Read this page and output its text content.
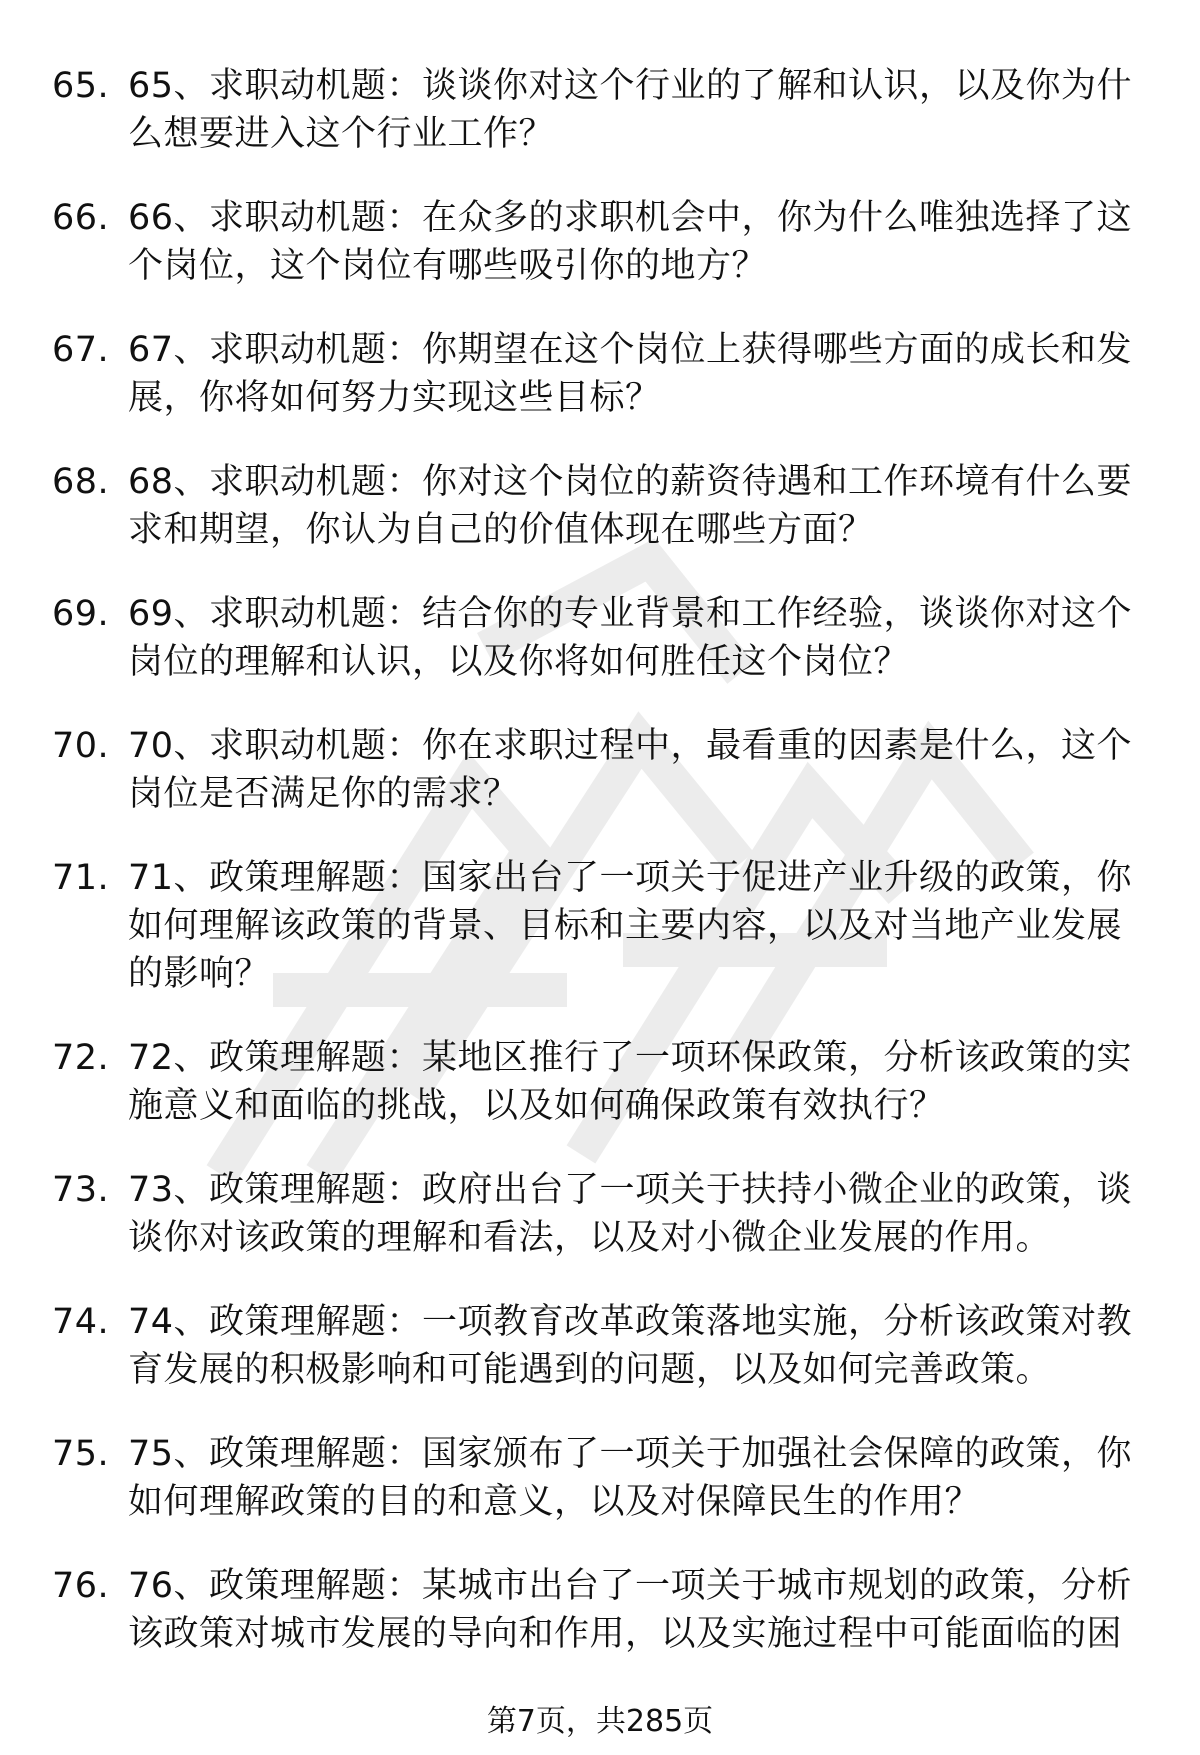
65. 65、求职动机题：谈谈你对这个行业的了解和认识，以及你为什么想要进入这个行业工作？
66. 66、求职动机题：在众多的求职机会中，你为什么唯独选择了这个岗位，这个岗位有哪些吸引你的地方？
67. 67、求职动机题：你期望在这个岗位上获得哪些方面的成长和发展，你将如何努力实现这些目标？
68. 68、求职动机题：你对这个岗位的薪资待遇和工作环境有什么要求和期望，你认为自己的价值体现在哪些方面？
69. 69、求职动机题：结合你的专业背景和工作经验，谈谈你对这个岗位的理解和认识，以及你将如何胜任这个岗位？
70. 70、求职动机题：你在求职过程中，最看重的因素是什么，这个岗位是否满足你的需求？
71. 71、政策理解题：国家出台了一项关于促进产业升级的政策，你如何理解该政策的背景、目标和主要内容，以及对当地产业发展的影响？
72. 72、政策理解题：某地区推行了一项环保政策，分析该政策的实施意义和面临的挑战，以及如何确保政策有效执行？
73. 73、政策理解题：政府出台了一项关于扶持小微企业的政策，谈谈你对该政策的理解和看法，以及对小微企业发展的作用。
74. 74、政策理解题：一项教育改革政策落地实施，分析该政策对教育发展的积极影响和可能遇到的问题，以及如何完善政策。
75. 75、政策理解题：国家颁布了一项关于加强社会保障的政策，你如何理解政策的目的和意义，以及对保障民生的作用？
76. 76、政策理解题：某城市出台了一项关于城市规划的政策，分析该政策对城市发展的导向和作用，以及实施过程中可能面临的困
第7页，共285页
